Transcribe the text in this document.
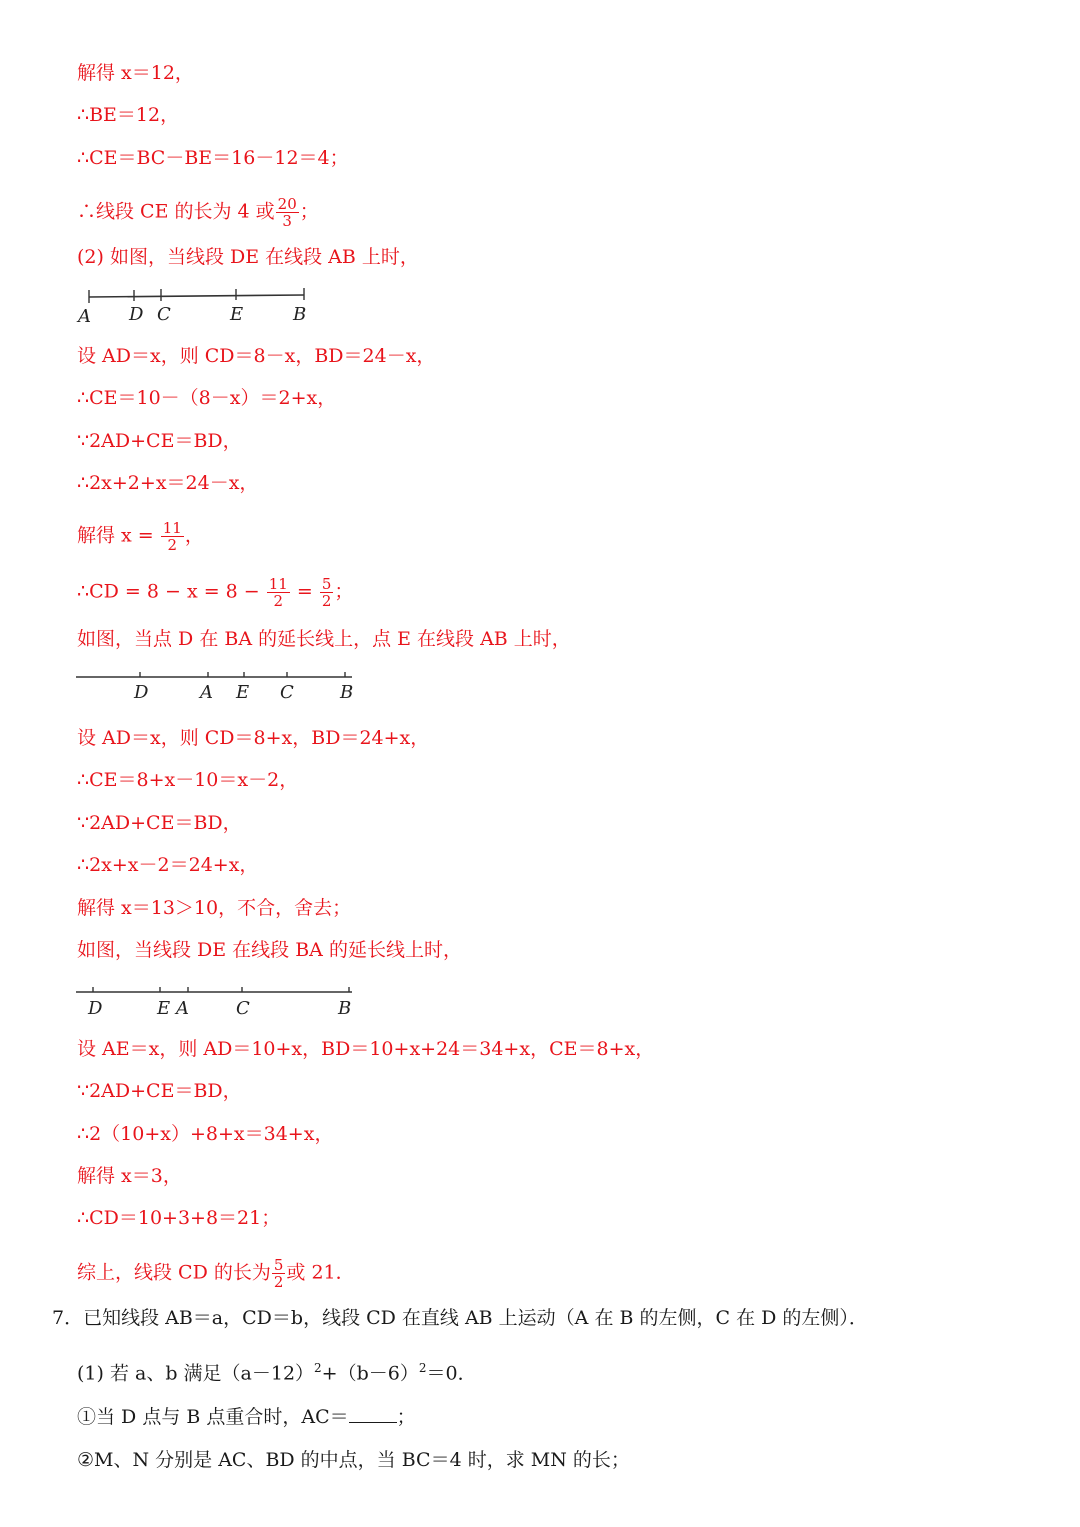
解得 x＝12，
∴BE＝12，
∴CE＝BC－BE＝16－12＝4；
∴线段 CE 的长为 4 或 $\frac{20}{3}$ ；
(2) 如图，当线段 DE 在线段 AB 上时，
A D C	E	B
设 AD＝x，则 CD＝8－x，BD＝24－x，
∴CE＝10－（8－x）＝2+x，
∵2AD+CE＝BD，
∴2x+2+x＝24－x，
解得 $x = \frac{11}{2}$ ，
∴CD = $8 - x = 8 - \frac{11}{2} = \frac{5}{2}$ ；
如图，当点 D 在 BA 的延长线上，点 E 在线段 AB 上时，
D	A E C	B
设 AD＝x，则 CD＝8+x，BD＝24+x，
∴CE＝8+x－10＝x－2，
∵2AD+CE＝BD，
∴2x+x－2＝24+x，
解得 x＝13＞10，不合，舍去；
如图，当线段 DE 在线段 BA 的延长线上时，
D	E A	C	B
设 AE＝x，则 AD＝10+x，BD＝10+x+24＝34+x，CE＝8+x，
∵2AD+CE＝BD，
∴2（10+x）+8+x＝34+x，
解得 x＝3，
∴CD＝10+3+8＝21；
综上，线段 CD 的长为 $\frac{5}{2}$ 或 21．
7．已知线段 AB＝a，CD＝b，线段 CD 在直线 AB 上运动（A 在 B 的左侧，C 在 D 的左侧）．
(1) 若 a、b 满足$(a-12)^2+(b-6)^2=0$．
①当 D 点与 B 点重合时，AC＝	；
②M、N 分别是 AC、BD 的中点，当 BC＝4 时，求 MN 的长；
